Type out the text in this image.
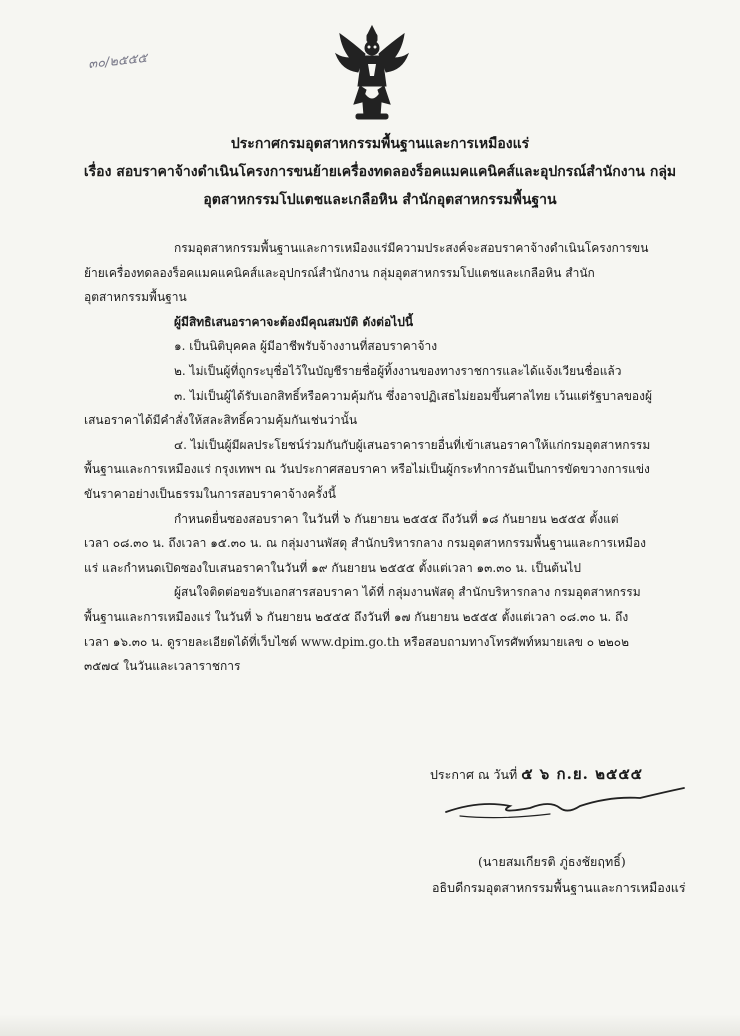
๓๐/๒๕๕๕
ประกาศกรมอุตสาหกรรมพื้นฐานและการเหมืองแร่
เรื่อง สอบราคาจ้างดำเนินโครงการขนย้ายเครื่องทดลองร็อคแมคแคนิคส์และอุปกรณ์สำนักงาน กลุ่ม
อุตสาหกรรมโปแตชและเกลือหิน สำนักอุตสาหกรรมพื้นฐาน

กรมอุตสาหกรรมพื้นฐานและการเหมืองแร่มีความประสงค์จะสอบราคาจ้างดำเนินโครงการขน

ย้ายเครื่องทดลองร็อคแมคแคนิคส์และอุปกรณ์สำนักงาน กลุ่มอุตสาหกรรมโปแตชและเกลือหิน สำนัก

อุตสาหกรรมพื้นฐาน

ผู้มีสิทธิเสนอราคาจะต้องมีคุณสมบัติ ดังต่อไปนี้

๑. เป็นนิติบุคคล ผู้มีอาชีพรับจ้างงานที่สอบราคาจ้าง

๒. ไม่เป็นผู้ที่ถูกระบุชื่อไว้ในบัญชีรายชื่อผู้ทิ้งงานของทางราชการและได้แจ้งเวียนชื่อแล้ว

๓. ไม่เป็นผู้ได้รับเอกสิทธิ์หรือความคุ้มกัน ซึ่งอาจปฏิเสธไม่ยอมขึ้นศาลไทย เว้นแต่รัฐบาลของผู้

เสนอราคาได้มีคำสั่งให้สละสิทธิ์ความคุ้มกันเช่นว่านั้น

๔. ไม่เป็นผู้มีผลประโยชน์ร่วมกันกับผู้เสนอราคารายอื่นที่เข้าเสนอราคาให้แก่กรมอุตสาหกรรม

พื้นฐานและการเหมืองแร่ กรุงเทพฯ ณ วันประกาศสอบราคา หรือไม่เป็นผู้กระทำการอันเป็นการขัดขวางการแข่ง

ขันราคาอย่างเป็นธรรมในการสอบราคาจ้างครั้งนี้

กำหนดยื่นซองสอบราคา ในวันที่ ๖ กันยายน ๒๕๕๕ ถึงวันที่ ๑๘ กันยายน ๒๕๕๕ ตั้งแต่

เวลา ๐๘.๓๐ น. ถึงเวลา ๑๕.๓๐ น. ณ กลุ่มงานพัสดุ สำนักบริหารกลาง กรมอุตสาหกรรมพื้นฐานและการเหมือง

แร่ และกำหนดเปิดซองใบเสนอราคาในวันที่ ๑๙ กันยายน ๒๕๕๕ ตั้งแต่เวลา ๑๓.๓๐ น. เป็นต้นไป

ผู้สนใจติดต่อขอรับเอกสารสอบราคา ได้ที่ กลุ่มงานพัสดุ สำนักบริหารกลาง กรมอุตสาหกรรม

พื้นฐานและการเหมืองแร่ ในวันที่ ๖ กันยายน ๒๕๕๕ ถึงวันที่ ๑๗ กันยายน ๒๕๕๕ ตั้งแต่เวลา ๐๘.๓๐ น. ถึง

เวลา ๑๖.๓๐ น. ดูรายละเอียดได้ที่เว็บไซต์ www.dpim.go.th หรือสอบถามทางโทรศัพท์หมายเลข ๐ ๒๒๐๒

๓๕๗๔ ในวันและเวลาราชการ

ประกาศ ณ วันที่ ๕ ๖ ก.ย. ๒๕๕๕
(นายสมเกียรติ ภู่ธงชัยฤทธิ์)
อธิบดีกรมอุตสาหกรรมพื้นฐานและการเหมืองแร่
